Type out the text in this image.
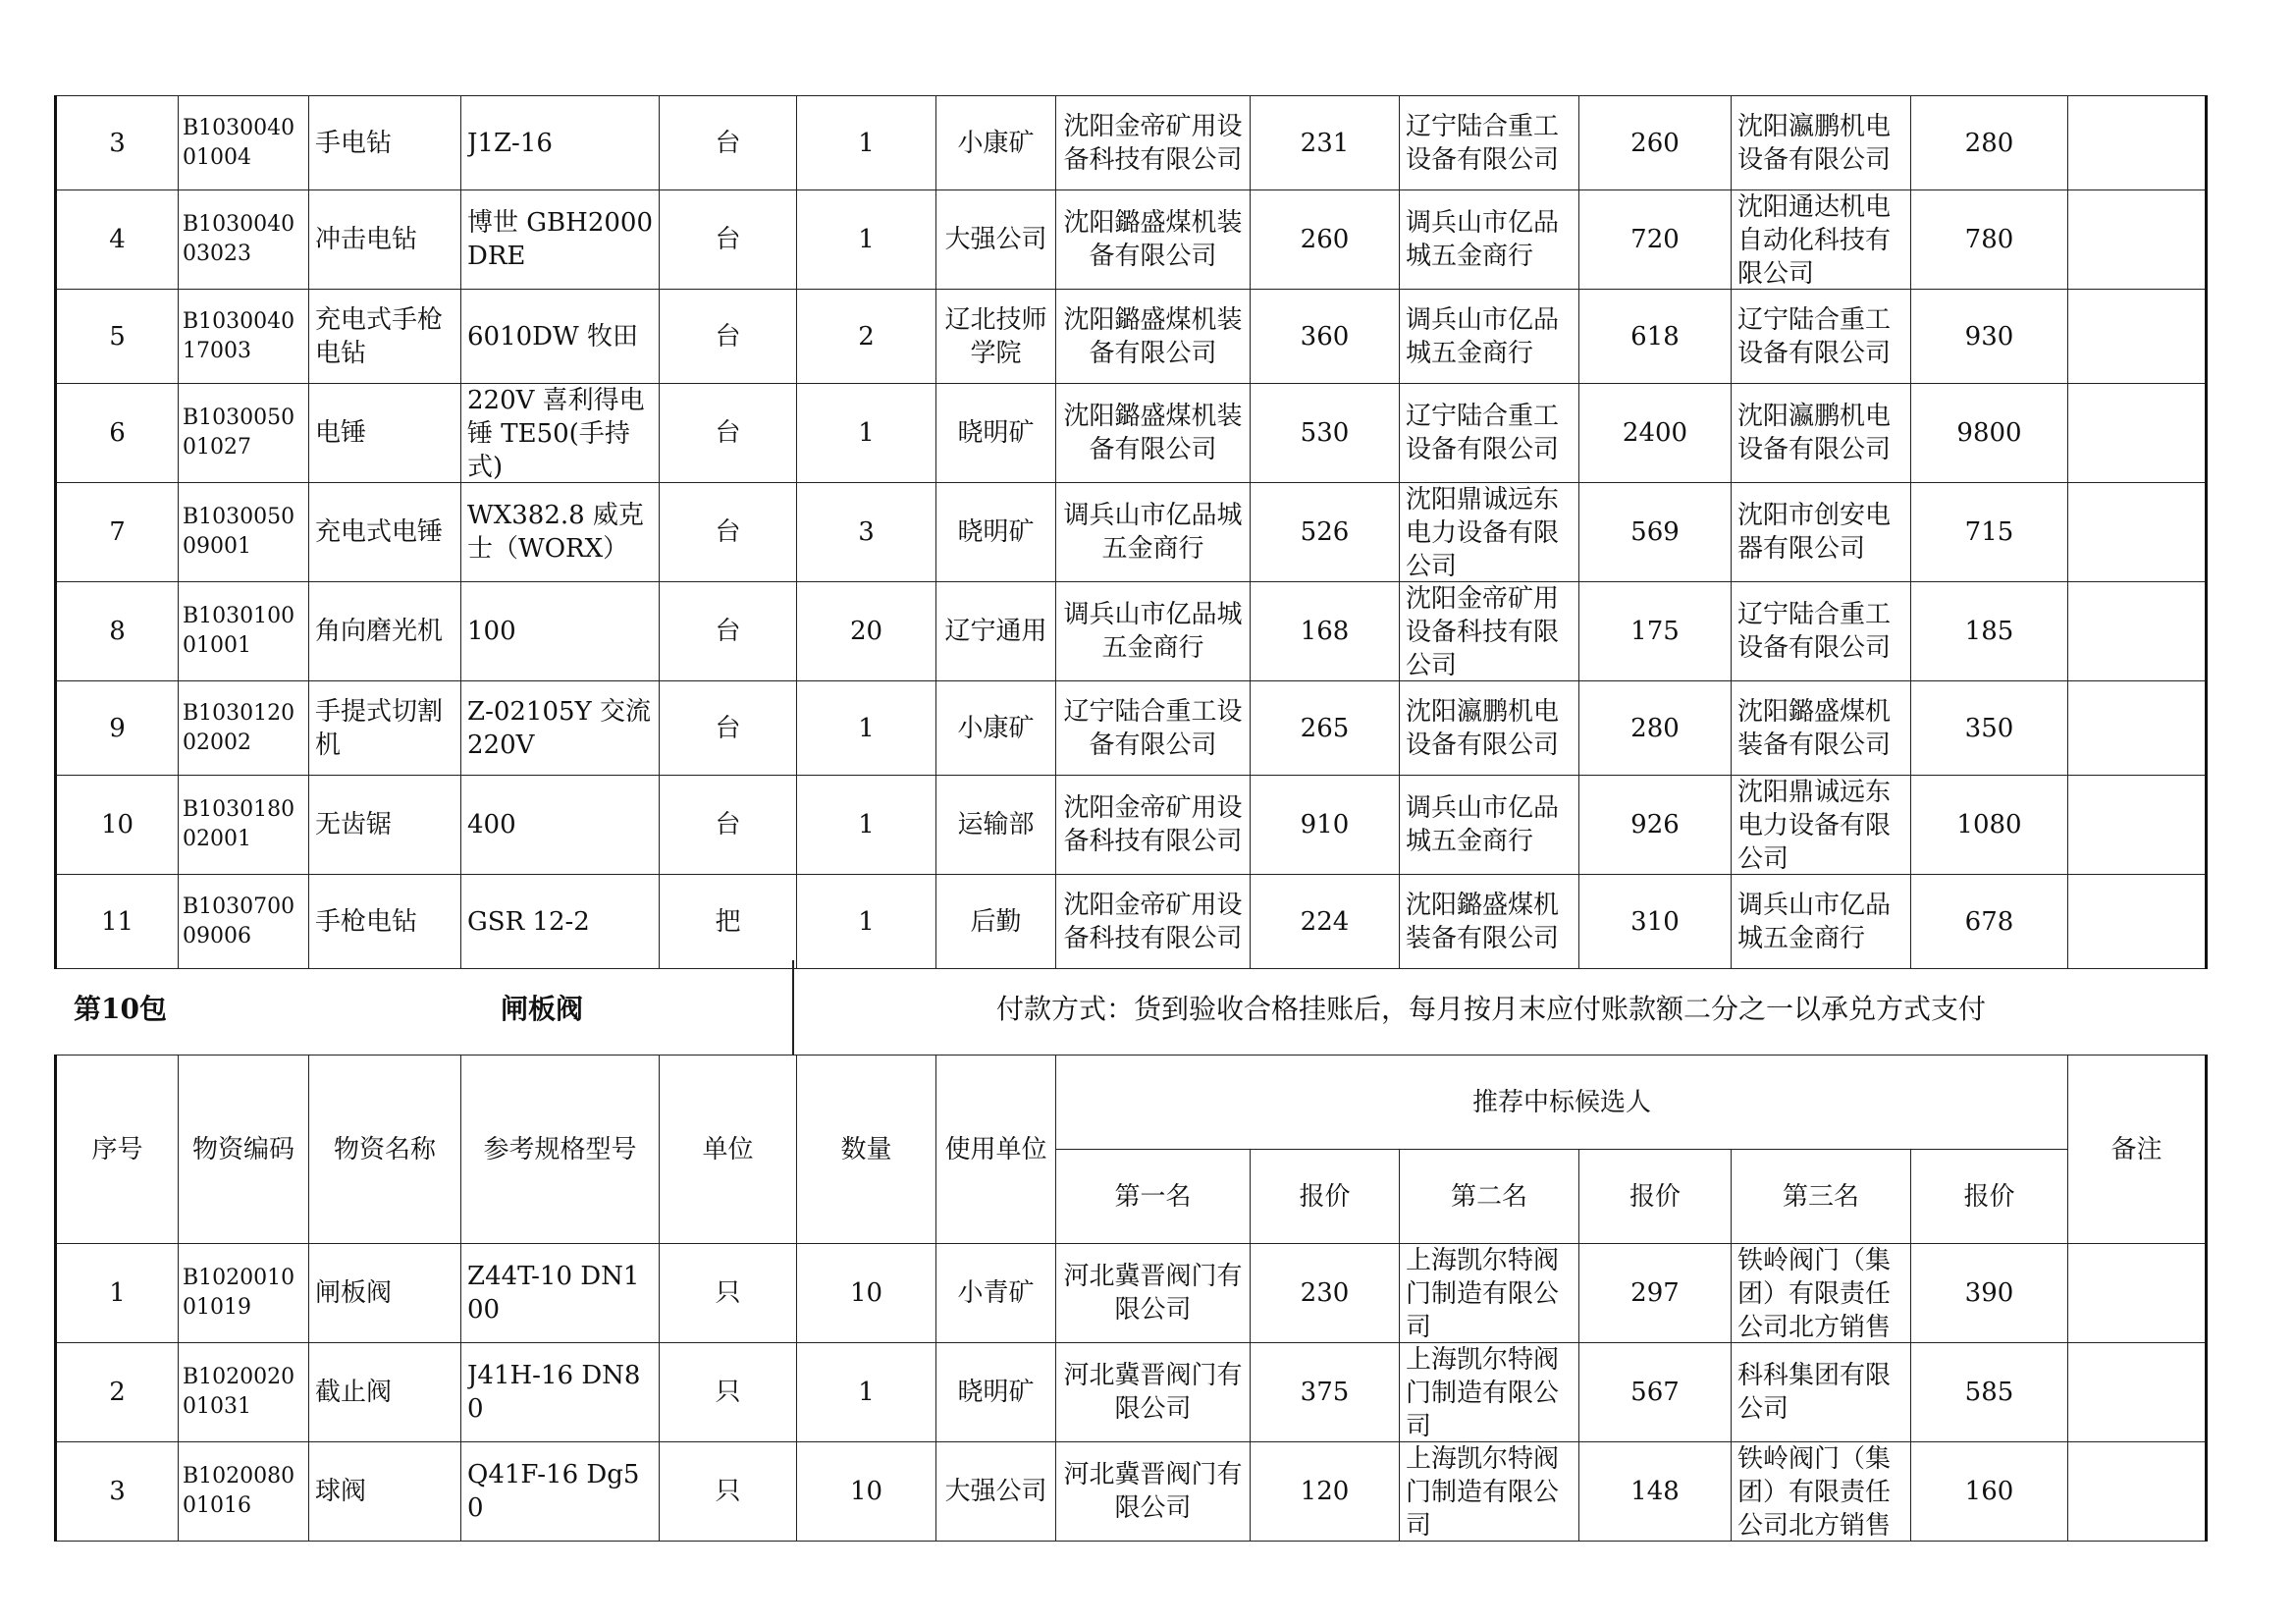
3	B103004001004	手电钻	J1Z-16	台	1	小康矿	沈阳金帝矿用设备科技有限公司	231	辽宁陆合重工设备有限公司	260	沈阳瀛鹏机电设备有限公司	280	

4	B103004003023	冲击电钻	博世 GBH2000DRE	台	1	大强公司	沈阳鏴盛煤机装备有限公司	260	调兵山市亿品城五金商行	720	沈阳通达机电自动化科技有限公司	780	

5	B103004017003	充电式手枪电钻	6010DW 牧田	台	2	辽北技师学院	沈阳鏴盛煤机装备有限公司	360	调兵山市亿品城五金商行	618	辽宁陆合重工设备有限公司	930	

6	B103005001027	电锤	220V 喜利得电锤 TE50(手持式)	台	1	晓明矿	沈阳鏴盛煤机装备有限公司	530	辽宁陆合重工设备有限公司	2400	沈阳瀛鹏机电设备有限公司	9800	

7	B103005009001	充电式电锤	WX382.8 威克士（WORX）	台	3	晓明矿	调兵山市亿品城五金商行	526	沈阳鼎诚远东电力设备有限公司	569	沈阳市创安电器有限公司	715	

8	B103010001001	角向磨光机	100	台	20	辽宁通用	调兵山市亿品城五金商行	168	沈阳金帝矿用设备科技有限公司	175	辽宁陆合重工设备有限公司	185	

9	B103012002002	手提式切割机	Z-02105Y 交流220V	台	1	小康矿	辽宁陆合重工设备有限公司	265	沈阳瀛鹏机电设备有限公司	280	沈阳鏴盛煤机装备有限公司	350	

10	B103018002001	无齿锯	400	台	1	运输部	沈阳金帝矿用设备科技有限公司	910	调兵山市亿品城五金商行	926	沈阳鼎诚远东电力设备有限公司	1080	

11	B103070009006	手枪电钻	GSR 12-2	把	1	后勤	沈阳金帝矿用设备科技有限公司	224	沈阳鏴盛煤机装备有限公司	310	调兵山市亿品城五金商行	678	

第10包	闸板阀	付款方式：货到验收合格挂账后，每月按月末应付账款额二分之一以承兑方式支付
序号	物资编码	物资名称	参考规格型号	单位	数量	使用单位	推荐中标候选人						备注
							第一名	报价	第二名	报价	第三名	报价	

1	B102001001019	闸板阀	Z44T-10 DN100	只	10	小青矿	河北冀晋阀门有限公司	230	上海凯尔特阀门制造有限公司	297	铁岭阀门（集团）有限责任公司北方销售	390	

2	B102002001031	截止阀	J41H-16 DN80	只	1	晓明矿	河北冀晋阀门有限公司	375	上海凯尔特阀门制造有限公司	567	科科集团有限公司	585	

3	B102008001016	球阀	Q41F-16 Dg50	只	10	大强公司	河北冀晋阀门有限公司	120	上海凯尔特阀门制造有限公司	148	铁岭阀门（集团）有限责任公司北方销售	160	
